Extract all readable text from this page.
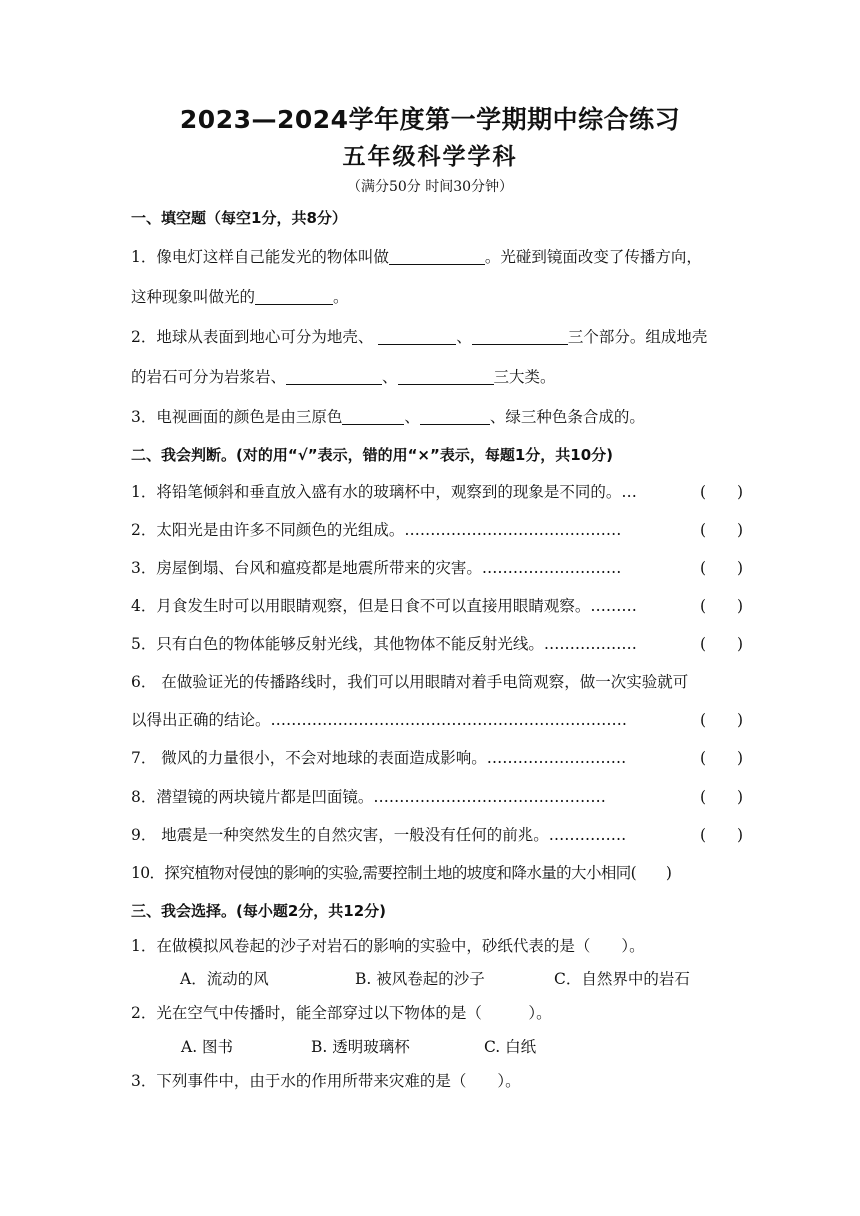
2023—2024学年度第一学期期中综合练习
五年级科学学科
（满分50分 时间30分钟）
一、填空题（每空1分，共8分）
1．像电灯这样自己能发光的物体叫做	。光碰到镜面改变了传播方向，
这种现象叫做光的	。
2．地球从表面到地心可分为地壳、	、	三个部分。组成地壳
的岩石可分为岩浆岩、	、	三大类。
3．电视画面的颜色是由三原色	、	、绿三种色条合成的。
二、我会判断。(对的用“√”表示，错的用“×”表示，每题1分，共10分)
1．将铅笔倾斜和垂直放入盛有水的玻璃杯中，观察到的现象是不同的。…	(　　)
2．太阳光是由许多不同颜色的光组成。……………………………………	(　　)
3．房屋倒塌、台风和瘟疫都是地震所带来的灾害。………………………	(　　)
4．月食发生时可以用眼睛观察，但是日食不可以直接用眼睛观察。………	(　　)
5．只有白色的物体能够反射光线，其他物体不能反射光线。………………	(　　)
6． 在做验证光的传播路线时，我们可以用眼睛对着手电筒观察，做一次实验就可
以得出正确的结论。……………………………………………………………	(　　)
7． 微风的力量很小，不会对地球的表面造成影响。………………………	(　　)
8．潜望镜的两块镜片都是凹面镜。………………………………………	(　　)
9． 地震是一种突然发生的自然灾害，一般没有任何的前兆。……………	(　　)
10．探究植物对侵蚀的影响的实验,需要控制土地的坡度和降水量的大小相同(　　)
三、我会选择。(每小题2分，共12分)
1．在做模拟风卷起的沙子对岩石的影响的实验中，砂纸代表的是（　　）。
A．流动的风	B. 被风卷起的沙子	C．自然界中的岩石
2．光在空气中传播时，能全部穿过以下物体的是（　　　）。
A. 图书	B. 透明玻璃杯	C. 白纸
3．下列事件中，由于水的作用所带来灾难的是（　　）。
